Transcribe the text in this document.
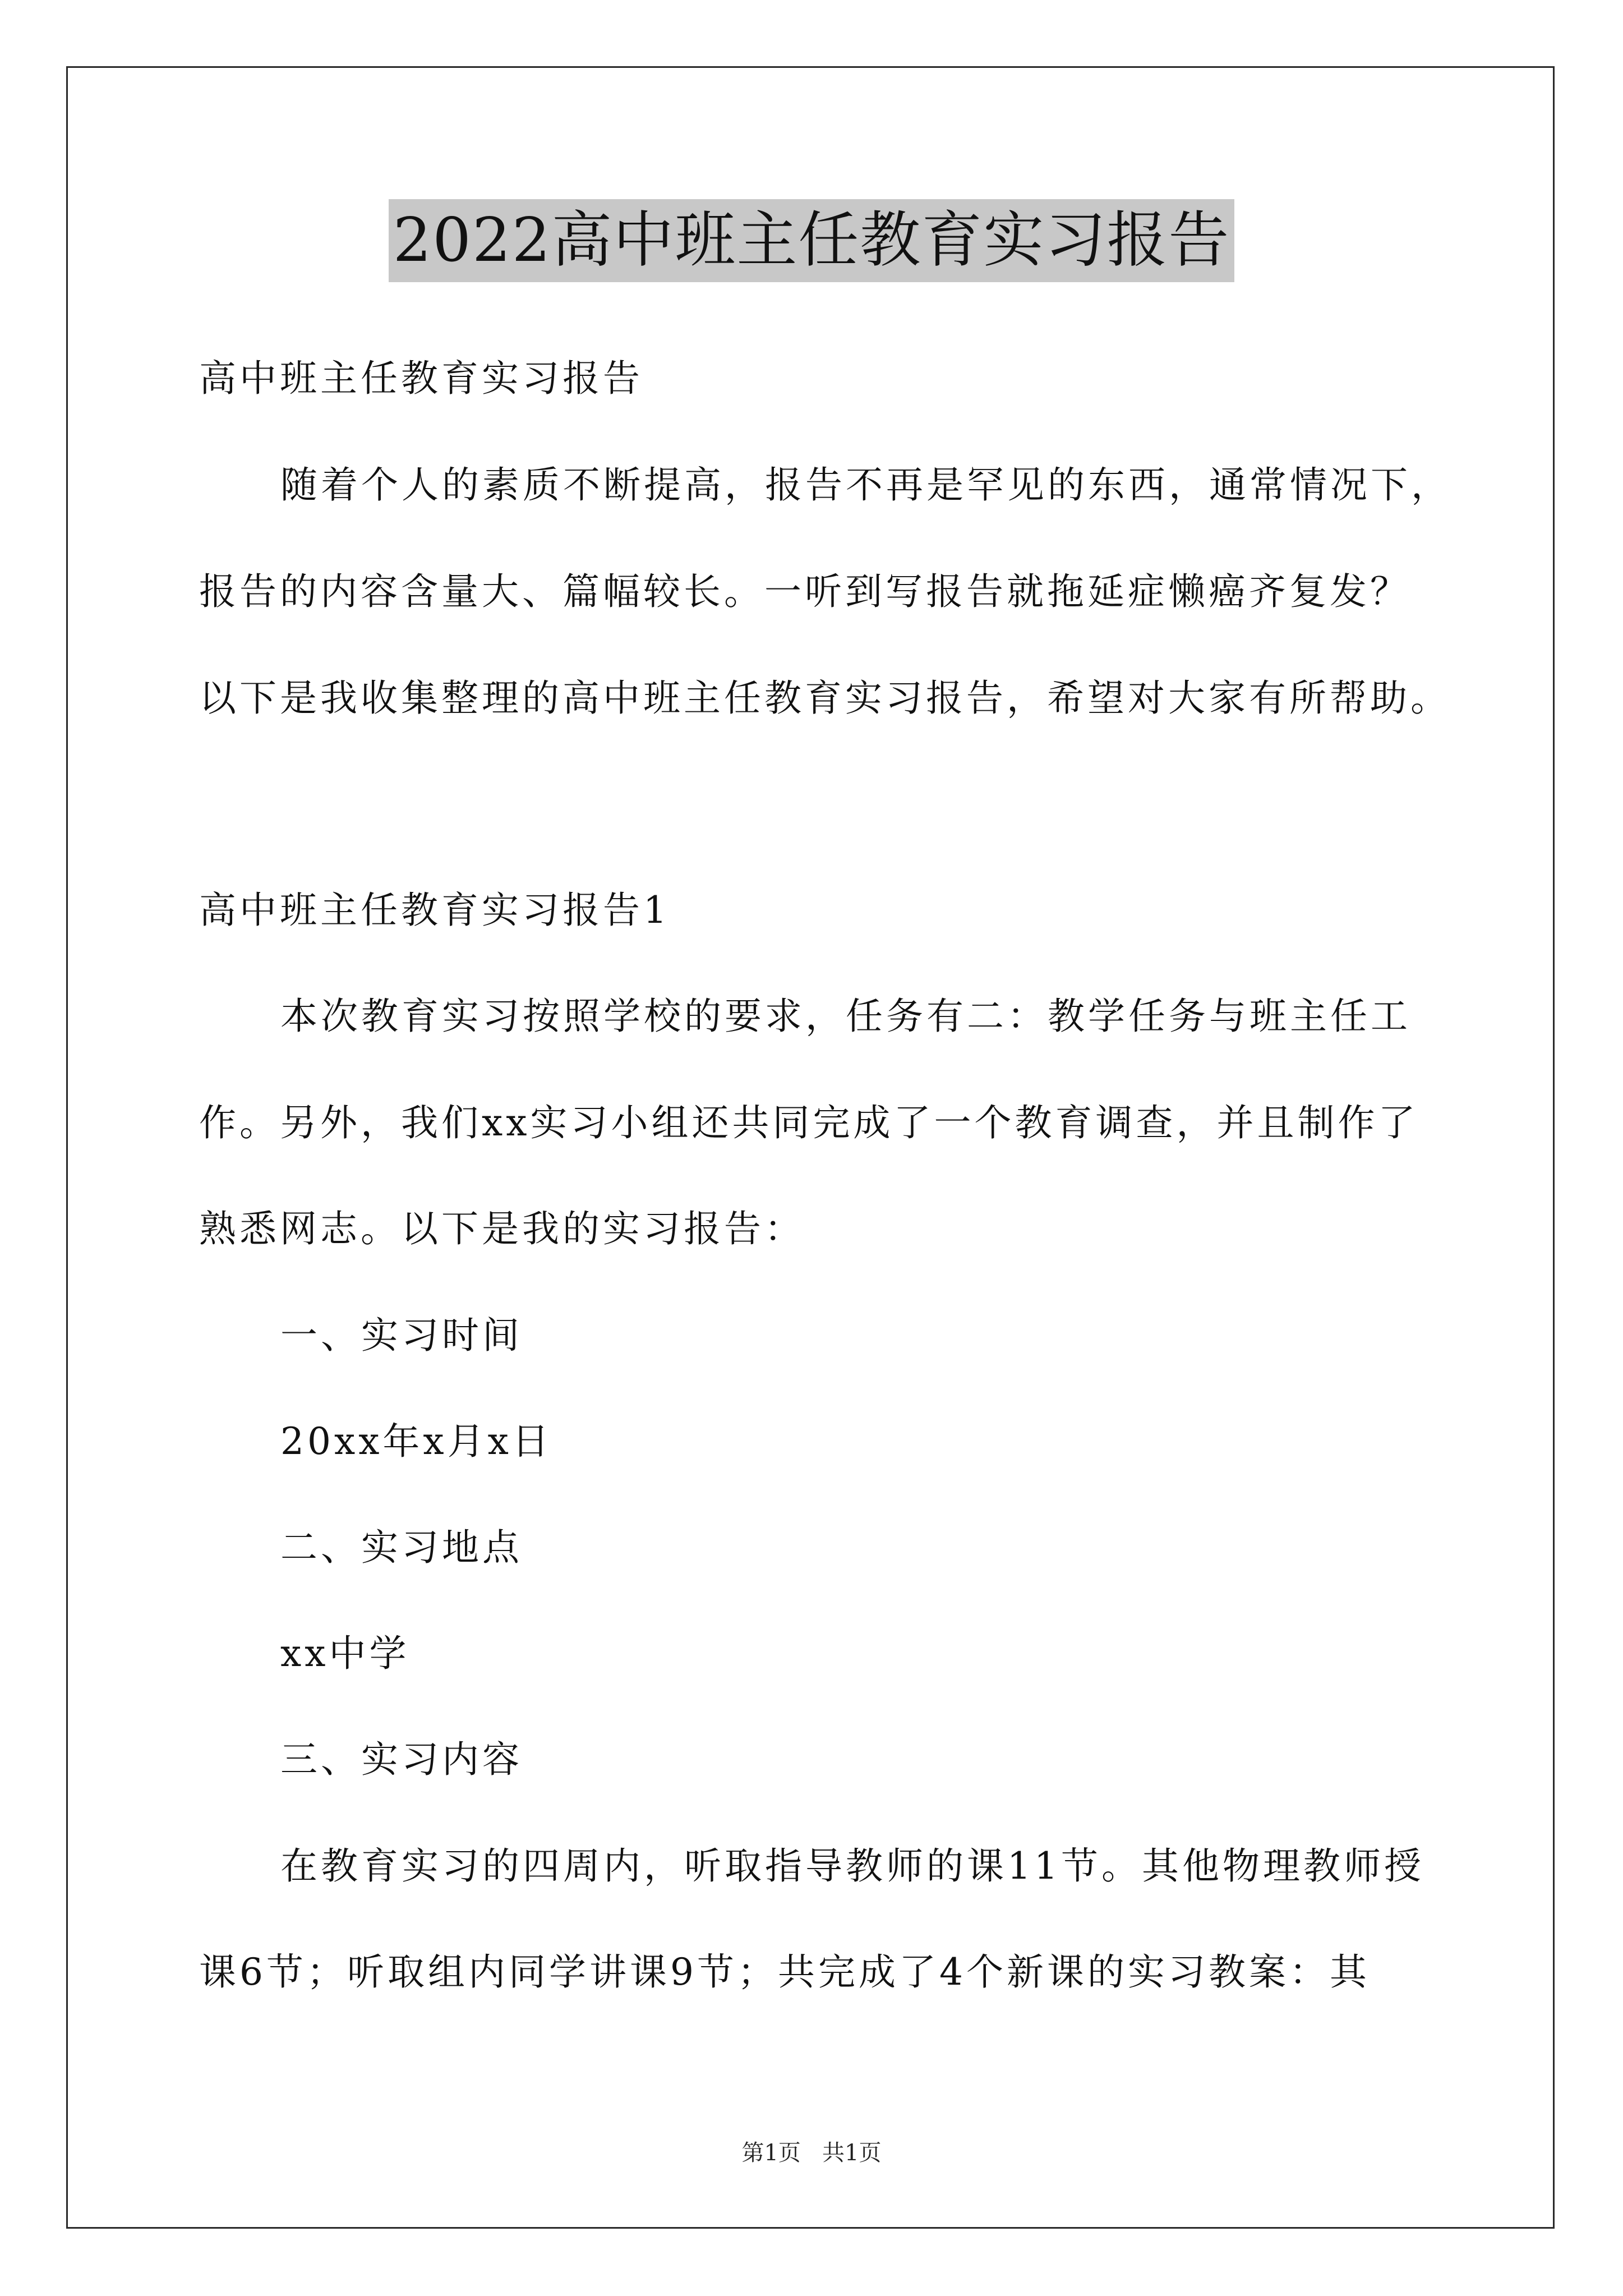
2022高中班主任教育实习报告
高中班主任教育实习报告
随着个人的素质不断提高，报告不再是罕见的东西，通常情况下，
报告的内容含量大、篇幅较长。一听到写报告就拖延症懒癌齐复发？
以下是我收集整理的高中班主任教育实习报告，希望对大家有所帮助。
高中班主任教育实习报告1
本次教育实习按照学校的要求，任务有二：教学任务与班主任工
作。另外，我们xx实习小组还共同完成了一个教育调查，并且制作了
熟悉网志。以下是我的实习报告：
一、实习时间
20xx年x月x日
二、实习地点
xx中学
三、实习内容
在教育实习的四周内，听取指导教师的课11节。其他物理教师授
课6节；听取组内同学讲课9节；共完成了4个新课的实习教案：其
第1页   共1页
